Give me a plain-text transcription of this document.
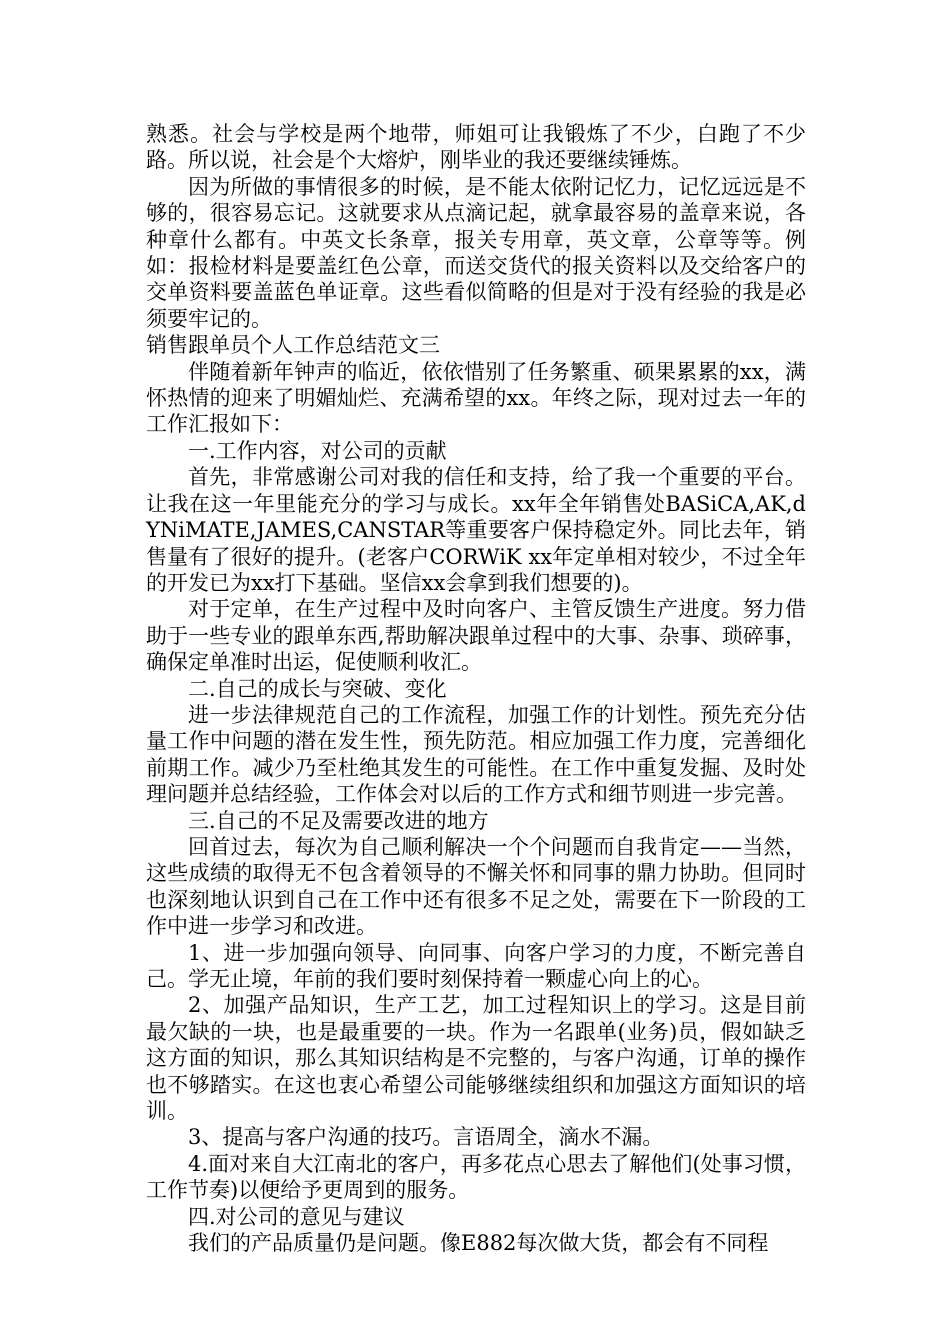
熟悉。社会与学校是两个地带，师姐可让我锻炼了不少，白跑了不少路。所以说，社会是个大熔炉，刚毕业的我还要继续锤炼。

因为所做的事情很多的时候，是不能太依附记忆力，记忆远远是不够的，很容易忘记。这就要求从点滴记起，就拿最容易的盖章来说，各种章什么都有。中英文长条章，报关专用章，英文章，公章等等。例如：报检材料是要盖红色公章，而送交货代的报关资料以及交给客户的交单资料要盖蓝色单证章。这些看似简略的但是对于没有经验的我是必须要牢记的。

销售跟单员个人工作总结范文三

伴随着新年钟声的临近，依依惜别了任务繁重、硕果累累的xx，满怀热情的迎来了明媚灿烂、充满希望的xx。年终之际，现对过去一年的工作汇报如下：

一.工作内容，对公司的贡献

首先，非常感谢公司对我的信任和支持，给了我一个重要的平台。让我在这一年里能充分的学习与成长。xx年全年销售处BASiCA,AK,dYNiMATE,JAMES,CANSTAR等重要客户保持稳定外。同比去年，销售量有了很好的提升。(老客户CORWiK xx年定单相对较少，不过全年的开发已为xx打下基础。坚信xx会拿到我们想要的)。

对于定单，在生产过程中及时向客户、主管反馈生产进度。努力借助于一些专业的跟单东西,帮助解决跟单过程中的大事、杂事、琐碎事，确保定单准时出运，促使顺利收汇。

二.自己的成长与突破、变化

进一步法律规范自己的工作流程，加强工作的计划性。预先充分估量工作中问题的潜在发生性，预先防范。相应加强工作力度，完善细化前期工作。减少乃至杜绝其发生的可能性。在工作中重复发掘、及时处理问题并总结经验，工作体会对以后的工作方式和细节则进一步完善。

三.自己的不足及需要改进的地方

回首过去，每次为自己顺利解决一个个问题而自我肯定——当然，这些成绩的取得无不包含着领导的不懈关怀和同事的鼎力协助。但同时也深刻地认识到自己在工作中还有很多不足之处，需要在下一阶段的工作中进一步学习和改进。

1、进一步加强向领导、向同事、向客户学习的力度，不断完善自己。学无止境，年前的我们要时刻保持着一颗虚心向上的心。

2、加强产品知识，生产工艺，加工过程知识上的学习。这是目前最欠缺的一块，也是最重要的一块。作为一名跟单(业务)员，假如缺乏这方面的知识，那么其知识结构是不完整的，与客户沟通，订单的操作也不够踏实。在这也衷心希望公司能够继续组织和加强这方面知识的培训。

3、提高与客户沟通的技巧。言语周全，滴水不漏。

4.面对来自大江南北的客户，再多花点心思去了解他们(处事习惯，工作节奏)以便给予更周到的服务。

四.对公司的意见与建议

我们的产品质量仍是问题。像E882每次做大货，都会有不同程
